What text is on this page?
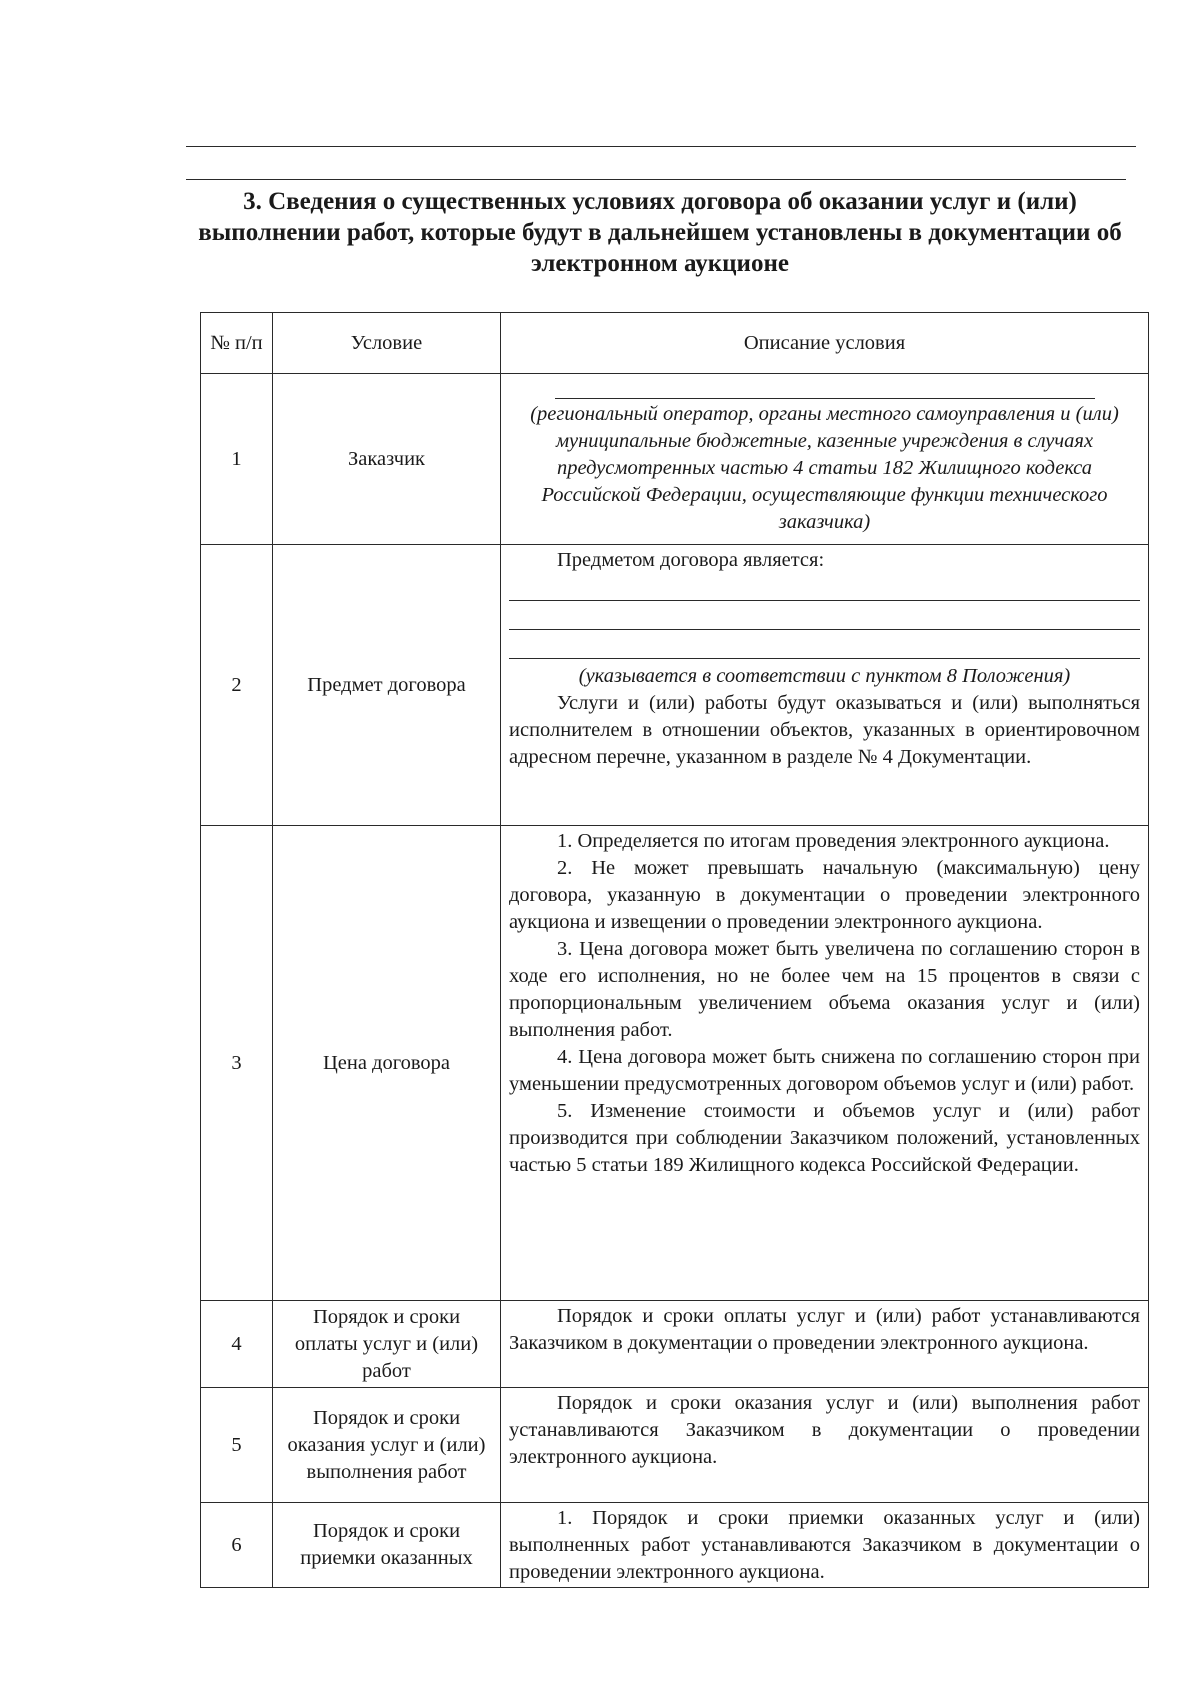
3. Сведения о существенных условиях договора об оказании услуг и (или) выполнении работ, которые будут в дальнейшем установлены в документации об электронном аукционе
№ п/п	Условие	Описание условия
1	Заказчик	(региональный оператор, органы местного самоуправления и (или) муниципальные бюджетные, казенные учреждения в случаях предусмотренных частью 4 статьи 182 Жилищного кодекса Российской Федерации, осуществляющие функции технического заказчика)

2	Предмет договора	Предметом договора является:

(указывается в соответствии с пунктом 8 Положения)

Услуги и (или) работы будут оказываться и (или) выполняться исполнителем в отношении объектов, указанных в ориентировочном адресном перечне, указанном в разделе № 4 Документации.

3	Цена договора	1. Определяется по итогам проведения электронного аукциона.

2. Не может превышать начальную (максимальную) цену договора, указанную в документации о проведении электронного аукциона и извещении о проведении электронного аукциона.

3. Цена договора может быть увеличена по соглашению сторон в ходе его исполнения, но не более чем на 15 процентов в связи с пропорциональным увеличением объема оказания услуг и (или) выполнения работ.

4. Цена договора может быть снижена по соглашению сторон при уменьшении предусмотренных договором объемов услуг и (или) работ.

5. Изменение стоимости и объемов услуг и (или) работ производится при соблюдении Заказчиком положений, установленных частью 5 статьи 189 Жилищного кодекса Российской Федерации.

4	Порядок и сроки оплаты услуг и (или) работ	Порядок и сроки оплаты услуг и (или) работ устанавливаются Заказчиком в документации о проведении электронного аукциона.

5	Порядок и сроки оказания услуг и (или) выполнения работ	Порядок и сроки оказания услуг и (или) выполнения работ устанавливаются Заказчиком в документации о проведении электронного аукциона.

6	Порядок и сроки приемки оказанных	1. Порядок и сроки приемки оказанных услуг и (или) выполненных работ устанавливаются Заказчиком в документации о проведении электронного аукциона.
